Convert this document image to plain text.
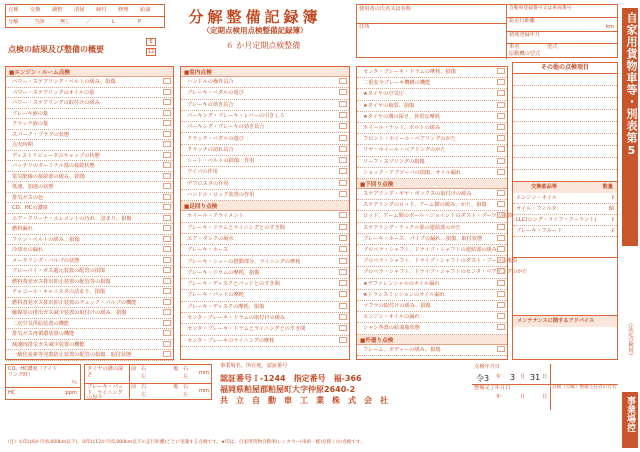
点検 交換 調整 清掃 締付 修理 給油
分解	当該	無し	／	L	P	分解整備記録簿
（定期点検用点検整備記録簿）
６ か月定期点検整備
6
12
点検の結果及び整備の概要
使用者の氏名又は名称
住所
自動車登録番号又は車両番号
総走行距離
km
初度登録年月
車名	型式
原動機の型式
■エンジン・ルーム点検
パワー・ステアリング・ベルトの緩み、損傷
パワー・ステアリングのオイルの量
パワー・ステアリングの取付けの緩み
ブレーキ液の量
クラッチ液の量
スパーク・プラグの状態
点火時期
ディストリビュータのキャップの状態
バッテリのターミナル部の接続状態
電気配線の接続部の緩み、損傷
低速、加速の状態
排気ガスの色
CO、HCの濃度
エア・クリーナ・エレメントの汚れ、詰まり、損傷
燃料漏れ
ファン・ベルトの緩み、損傷
冷却水の漏れ
メータリング・バルブの状態
ブローバイ・ガス還元装置の配管の損傷
燃料蒸発ガス排出抑止装置の配管等の損傷
チャコール・キャニスタの詰まり、損傷
燃料蒸発ガス排出抑止装置のチェック・バルブの機能
触媒等の排出ガス減少装置の取付けの緩み、損傷
二次空気供給装置の機能
排気ガス再循環装置の機能
減速時排気ガス減少装置の機能
一酸化炭素等発散防止装置の配管の損傷、取付状態
■室内点検
ハンドルの操作具合
ブレーキ・ペダルの遊び
ブレーキの効き具合
パーキング・ブレーキ・レバーの引きしろ
パーキング・ブレーキの効き具合
クラッチ・ペダルの遊び
クラッチの切れ具合
シート・ベルトの損傷、作用
ワイパの作用
デフロスタの作用
ハンドル・ロック装置の作用
■足回り点検
ホイール・アライメント
ブレーキ・ドラムとライニングとのすき間
エア・タンクの凝水
ブレーキ・ホース
ブレーキ・シューの摺動部分、ライニングの摩耗
ブレーキ・ドラムの摩耗、損傷
ブレーキ・ディスクとパッドとのすき間
ブレーキ・パッドの摩耗
ブレーキ・ディスクの摩耗、損傷
センタ・ブレーキ・ドラムの取付けの緩み
センタ・ブレーキ・ドラムとライニングとのすき間
センタ・ブレーキのライニングの摩耗
センタ・ブレーキ・ドラムの摩耗、損傷
二重安全ブレーキ機構の機能
★タイヤの空気圧
★タイヤの亀裂、損傷
★タイヤの溝の深さ、異常な摩耗
ホイール・ナット、ボルトの緩み
フロント・ホイール・ベアリングのがた
リヤ・ホイール・ベアリングのがた
リーフ・スプリングの損傷
ショック・アブソーバの損傷、オイル漏れ
■下回り点検
ステアリング・ギヤ・ボックスの取付けの緩み
ステアリングのロッド、アーム類の緩み、がた、損傷
ロッド、アーム類のボール・ジョイントのダスト・ブーツの亀裂
ステアリング・ナックル部の連結部のがた
ブレーキ・ホース、パイプの漏れ、損傷、取付状態
プロペラ・シャフト、ドライブ・シャフトの連結部の緩み
プロペラ・シャフト、ドライブ・シャフトのダスト・ブーツの亀裂
プロペラ・シャフト、ドライブ・シャフトのセンタ・ベアリングのがた
★デファレンシャルのオイル漏れ
★トランスミッションのオイル漏れ
マフラの取付けの緩み、損傷
エンジン・オイルの漏れ
シャシ各部の給油脂状態
■外廻り点検
フレーム、ボディーの緩み、損傷
その他の点検項目
交換部品等	数量
エンジン・オイル	ℓ
オイル・フィルタ	個
LLC(ロング・ライフ・クーラント)	ℓ
ブレーキ・フルード	ℓ
メンテナンスに関するアドバイス
自家用貨物車等・別表第5
（法定点検用）
事業場控
CO、HC濃度（アイドリング時）
％
HC	ppm
タイヤの溝の深さ
ブレーキ・パッド、ライニングの厚さ
前 右
左
後 右
左
mm
前 右
左
後 右
左
mm
事業場名、所在地、認証番号
認証番号Ｉ-1244　指定番号　福-366
福岡県粕屋郡粕屋町大字仲原2640-2
共　立　自　動　車　工　業　株　式　会　社
点検年月日
令3 年 3 月 31 日
整備完了年月日
年	月	日
点検（分解）整備主任者の氏名
（注）①印は6か月(6,000km以下)、②印は12か月(5,000km以下の走行距離)ごとに実施する点検です。★印は、自家用貨物自動車(レンタカー(車両・軽)を除く)の点検です。
